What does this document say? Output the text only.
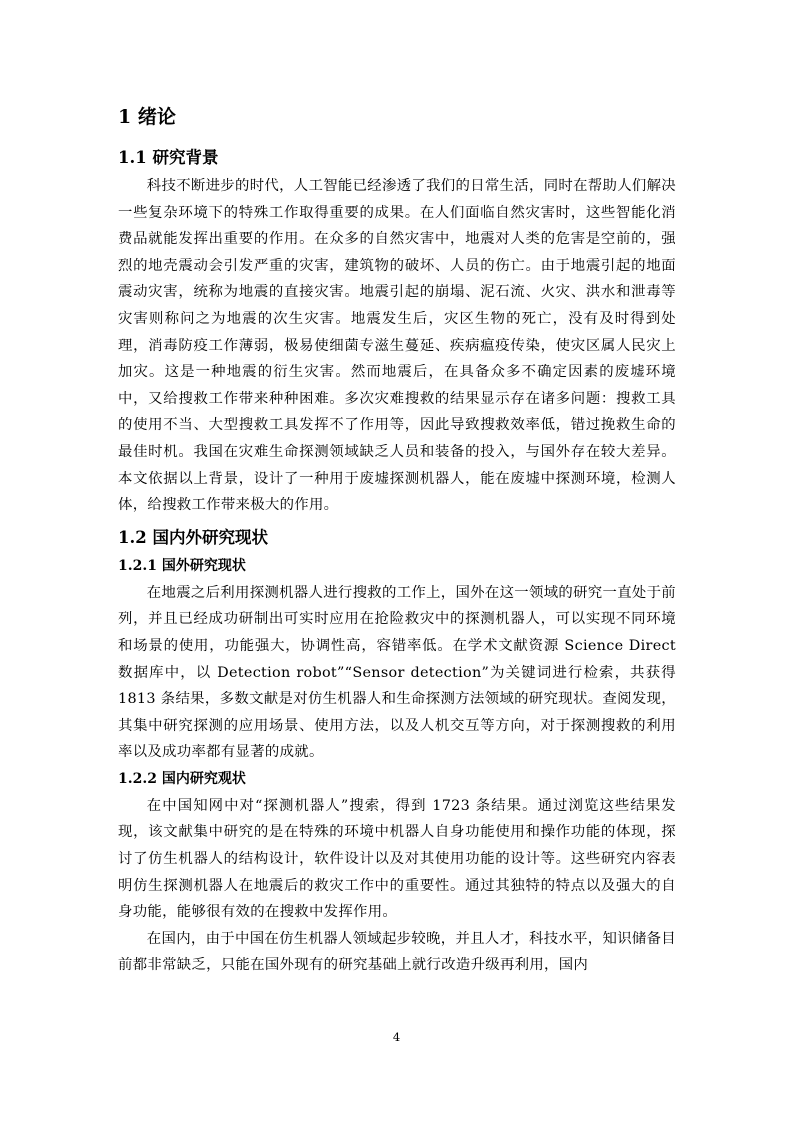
1 绪论
1.1 研究背景

科技不断进步的时代，人工智能已经渗透了我们的日常生活，同时在帮助人们解决一些复杂环境下的特殊工作取得重要的成果。在人们面临自然灾害时，这些智能化消费品就能发挥出重要的作用。在众多的自然灾害中，地震对人类的危害是空前的，强烈的地壳震动会引发严重的灾害，建筑物的破坏、人员的伤亡。由于地震引起的地面震动灾害，统称为地震的直接灾害。地震引起的崩塌、泥石流、火灾、洪水和泄毒等灾害则称问之为地震的次生灾害。地震发生后，灾区生物的死亡，没有及时得到处理，消毒防疫工作薄弱，极易使细菌专滋生蔓延、疾病瘟疫传染，使灾区属人民灾上加灾。这是一种地震的衍生灾害。然而地震后，在具备众多不确定因素的废墟环境中，又给搜救工作带来种种困难。多次灾难搜救的结果显示存在诸多问题：搜救工具的使用不当、大型搜救工具发挥不了作用等，因此导致搜救效率低，错过挽救生命的最佳时机。我国在灾难生命探测领域缺乏人员和装备的投入，与国外存在较大差异。本文依据以上背景，设计了一种用于废墟探测机器人，能在废墟中探测环境，检测人体，给搜救工作带来极大的作用。

1.2 国内外研究现状
1.2.1 国外研究现状

在地震之后利用探测机器人进行搜救的工作上，国外在这一领域的研究一直处于前列，并且已经成功研制出可实时应用在抢险救灾中的探测机器人，可以实现不同环境和场景的使用，功能强大，协调性高，容错率低。在学术文献资源 Science Direct 数据库中，以 Detection robot”“Sensor detection”为关键词进行检索，共获得 1813 条结果，多数文献是对仿生机器人和生命探测方法领域的研究现状。查阅发现，其集中研究探测的应用场景、使用方法，以及人机交互等方向，对于探测搜救的利用率以及成功率都有显著的成就。

1.2.2 国内研究观状

在中国知网中对“探测机器人”搜索，得到 1723 条结果。通过浏览这些结果发现，该文献集中研究的是在特殊的环境中机器人自身功能使用和操作功能的体现，探讨了仿生机器人的结构设计，软件设计以及对其使用功能的设计等。这些研究内容表明仿生探测机器人在地震后的救灾工作中的重要性。通过其独特的特点以及强大的自身功能，能够很有效的在搜救中发挥作用。

在国内，由于中国在仿生机器人领域起步较晚，并且人才，科技水平，知识储备目前都非常缺乏，只能在国外现有的研究基础上就行改造升级再利用，国内

4
